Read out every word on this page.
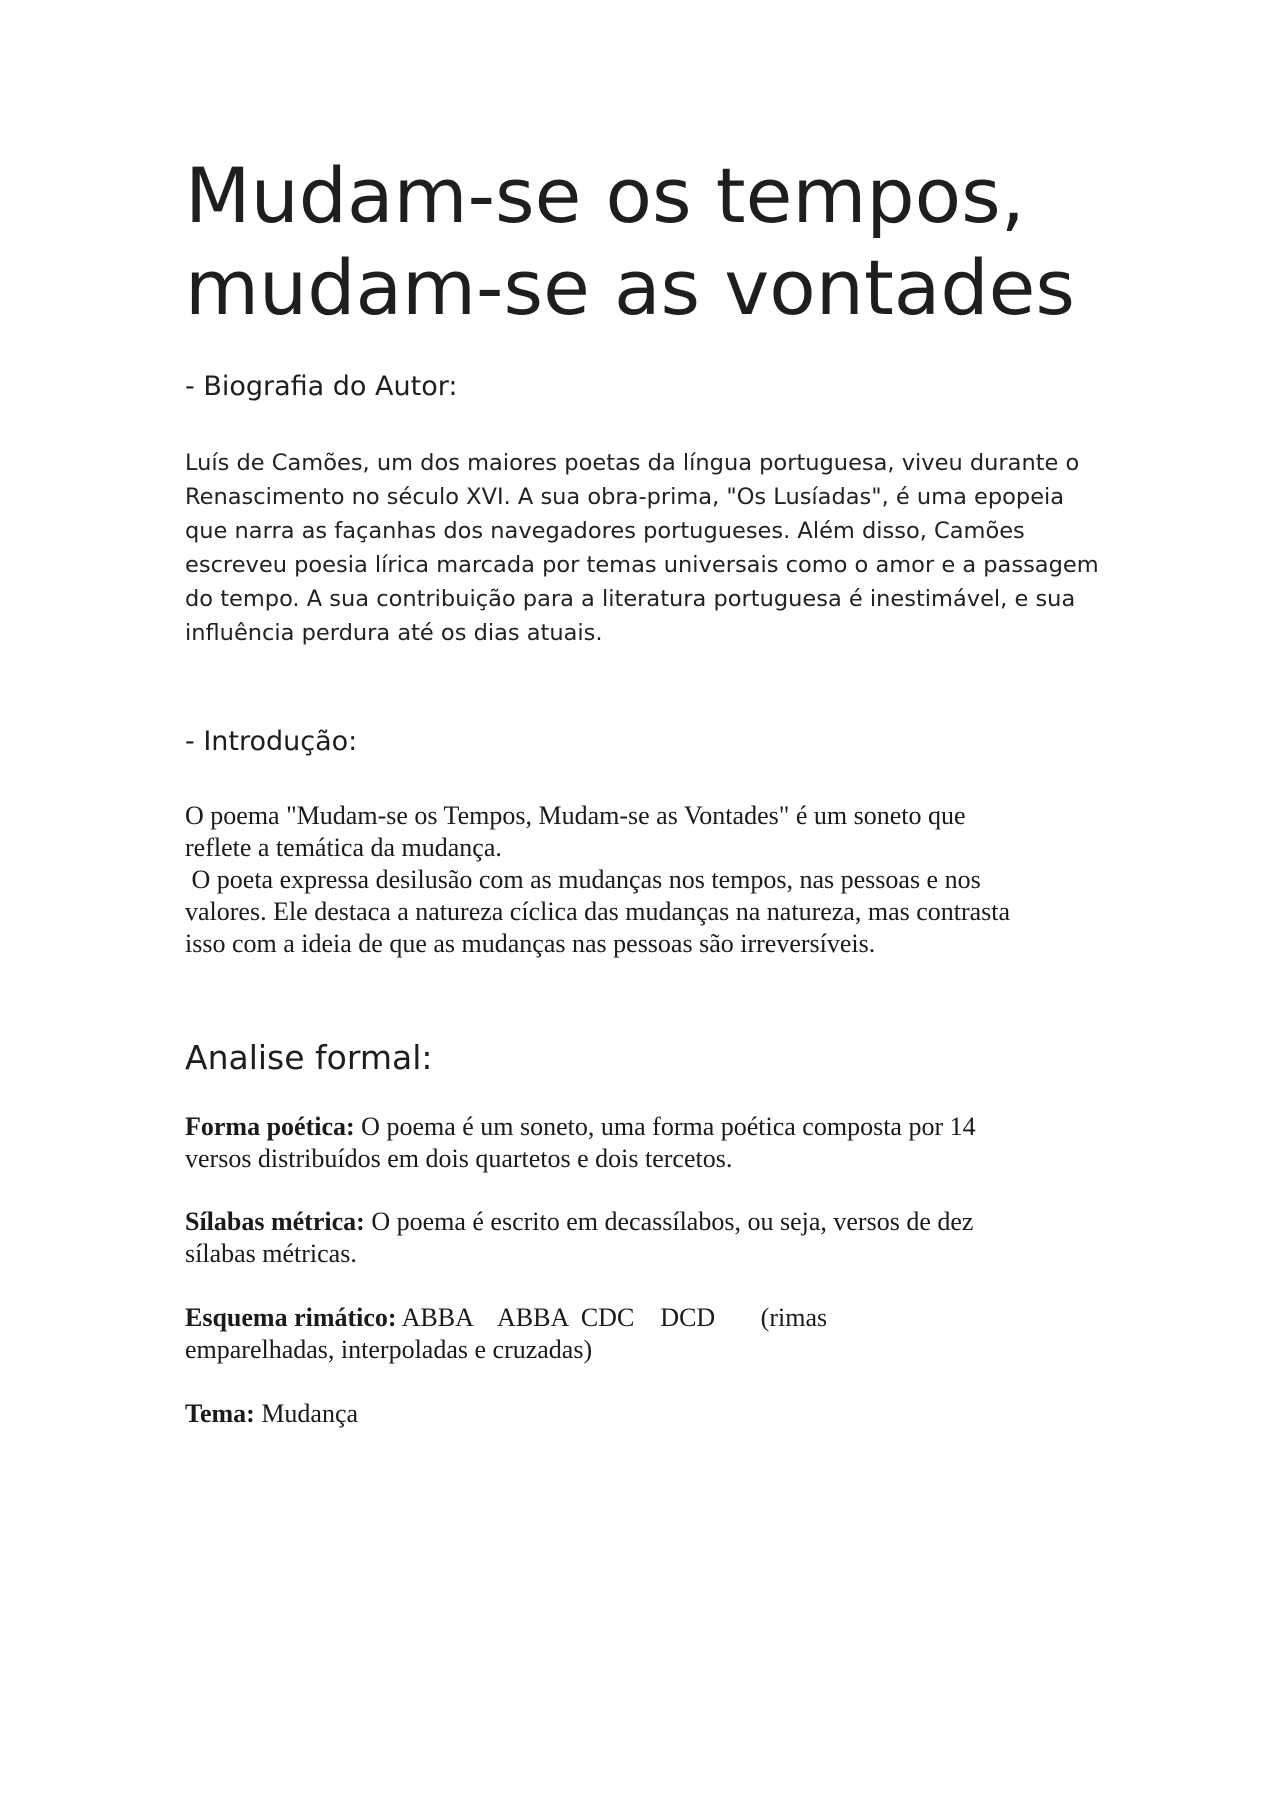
Mudam-se os tempos, mudam-se as vontades
- Biografia do Autor:
Luís de Camões, um dos maiores poetas da língua portuguesa, viveu durante o
Renascimento no século XVI. A sua obra-prima, "Os Lusíadas", é uma epopeia
que narra as façanhas dos navegadores portugueses. Além disso, Camões
escreveu poesia lírica marcada por temas universais como o amor e a passagem
do tempo. A sua contribuição para a literatura portuguesa é inestimável, e sua
influência perdura até os dias atuais.
- Introdução:
O poema "Mudam-se os Tempos, Mudam-se as Vontades" é um soneto que
reflete a temática da mudança.
O poeta expressa desilusão com as mudanças nos tempos, nas pessoas e nos
valores. Ele destaca a natureza cíclica das mudanças na natureza, mas contrasta
isso com a ideia de que as mudanças nas pessoas são irreversíveis.
Analise formal:
Forma poética: O poema é um soneto, uma forma poética composta por 14
versos distribuídos em dois quartetos e dois tercetos.
Sílabas métrica: O poema é escrito em decassílabos, ou seja, versos de dez
sílabas métricas.
Esquema rimático: ABBA    ABBA  CDC    DCD       (rimas
emparelhadas, interpoladas e cruzadas)
Tema: Mudança
